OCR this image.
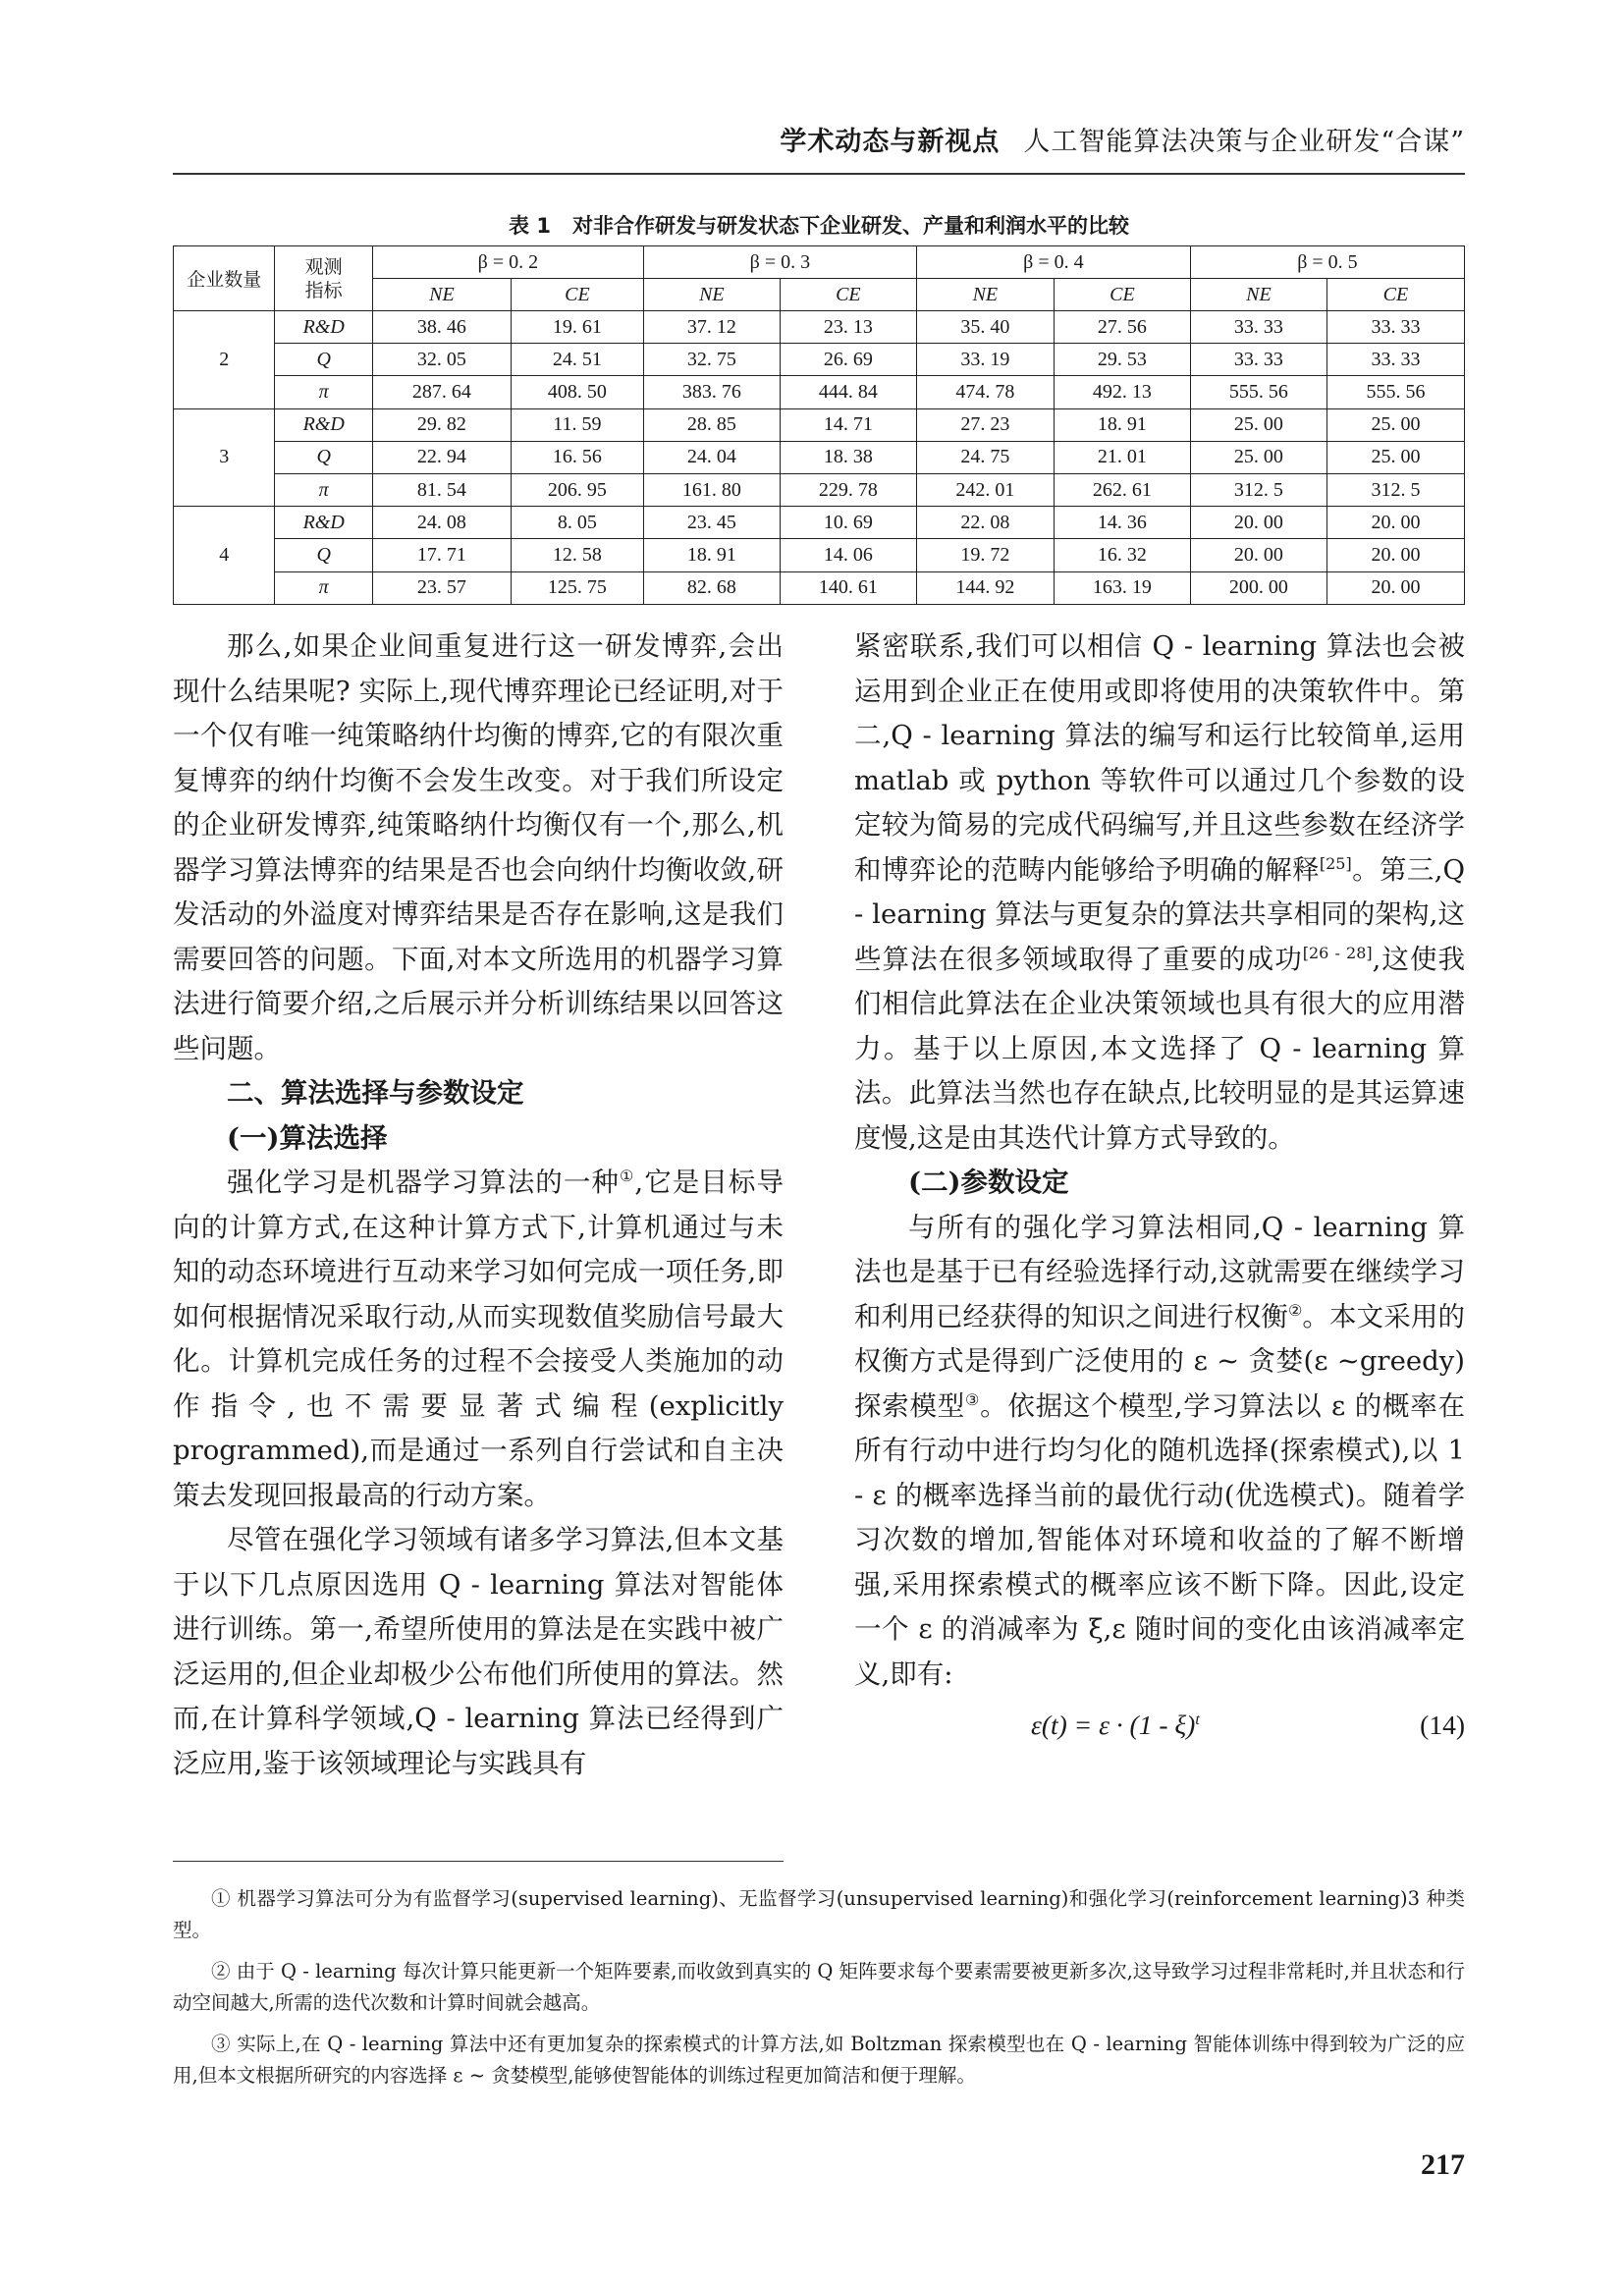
学术动态与新视点 人工智能算法决策与企业研发“合谋”
表 1 对非合作研发与研发状态下企业研发、产量和利润水平的比较
企业数量	观测指标	β = 0. 2		β = 0. 3		β = 0. 4		β = 0. 5	
		NE	CE	NE	CE	NE	CE	NE	CE
2	R&D	38. 46	19. 61	37. 12	23. 13	35. 40	27. 56	33. 33	33. 33
	Q	32. 05	24. 51	32. 75	26. 69	33. 19	29. 53	33. 33	33. 33
	π	287. 64	408. 50	383. 76	444. 84	474. 78	492. 13	555. 56	555. 56
3	R&D	29. 82	11. 59	28. 85	14. 71	27. 23	18. 91	25. 00	25. 00
	Q	22. 94	16. 56	24. 04	18. 38	24. 75	21. 01	25. 00	25. 00
	π	81. 54	206. 95	161. 80	229. 78	242. 01	262. 61	312. 5	312. 5
4	R&D	24. 08	8. 05	23. 45	10. 69	22. 08	14. 36	20. 00	20. 00
	Q	17. 71	12. 58	18. 91	14. 06	19. 72	16. 32	20. 00	20. 00
	π	23. 57	125. 75	82. 68	140. 61	144. 92	163. 19	200. 00	20. 00

那么,如果企业间重复进行这一研发博弈,会出现什么结果呢? 实际上,现代博弈理论已经证明,对于一个仅有唯一纯策略纳什均衡的博弈,它的有限次重复博弈的纳什均衡不会发生改变。对于我们所设定的企业研发博弈,纯策略纳什均衡仅有一个,那么,机器学习算法博弈的结果是否也会向纳什均衡收敛,研发活动的外溢度对博弈结果是否存在影响,这是我们需要回答的问题。下面,对本文所选用的机器学习算法进行简要介绍,之后展示并分析训练结果以回答这些问题。

二、算法选择与参数设定
(一)算法选择

强化学习是机器学习算法的一种①,它是目标导向的计算方式,在这种计算方式下,计算机通过与未知的动态环境进行互动来学习如何完成一项任务,即如何根据情况采取行动,从而实现数值奖励信号最大化。计算机完成任务的过程不会接受人类施加的动作指令,也不需要显著式编程(explicitly programmed),而是通过一系列自行尝试和自主决策去发现回报最高的行动方案。

尽管在强化学习领域有诸多学习算法,但本文基于以下几点原因选用 Q - learning 算法对智能体进行训练。第一,希望所使用的算法是在实践中被广泛运用的,但企业却极少公布他们所使用的算法。然而,在计算科学领域,Q - learning 算法已经得到广泛应用,鉴于该领域理论与实践具有

紧密联系,我们可以相信 Q - learning 算法也会被运用到企业正在使用或即将使用的决策软件中。第二,Q - learning 算法的编写和运行比较简单,运用 matlab 或 python 等软件可以通过几个参数的设定较为简易的完成代码编写,并且这些参数在经济学和博弈论的范畴内能够给予明确的解释[25]。第三,Q - learning 算法与更复杂的算法共享相同的架构,这些算法在很多领域取得了重要的成功[26 - 28],这使我们相信此算法在企业决策领域也具有很大的应用潜力。基于以上原因,本文选择了 Q - learning 算法。此算法当然也存在缺点,比较明显的是其运算速度慢,这是由其迭代计算方式导致的。

(二)参数设定

与所有的强化学习算法相同,Q - learning 算法也是基于已有经验选择行动,这就需要在继续学习和利用已经获得的知识之间进行权衡②。本文采用的权衡方式是得到广泛使用的 ε ~ 贪婪(ε ~greedy) 探索模型③。依据这个模型,学习算法以 ε 的概率在所有行动中进行均匀化的随机选择(探索模式),以 1 - ε 的概率选择当前的最优行动(优选模式)。随着学习次数的增加,智能体对环境和收益的了解不断增强,采用探索模式的概率应该不断下降。因此,设定一个 ε 的消减率为 ξ,ε 随时间的变化由该消减率定义,即有:

ε(t) = ε · (1 - ξ)$^t$	(14)

① 机器学习算法可分为有监督学习(supervised learning)、无监督学习(unsupervised learning)和强化学习(reinforcement learning)3 种类型。

② 由于 Q - learning 每次计算只能更新一个矩阵要素,而收敛到真实的 Q 矩阵要求每个要素需要被更新多次,这导致学习过程非常耗时,并且状态和行动空间越大,所需的迭代次数和计算时间就会越高。

③ 实际上,在 Q - learning 算法中还有更加复杂的探索模式的计算方法,如 Boltzman 探索模型也在 Q - learning 智能体训练中得到较为广泛的应用,但本文根据所研究的内容选择 ε ~ 贪婪模型,能够使智能体的训练过程更加简洁和便于理解。

217
